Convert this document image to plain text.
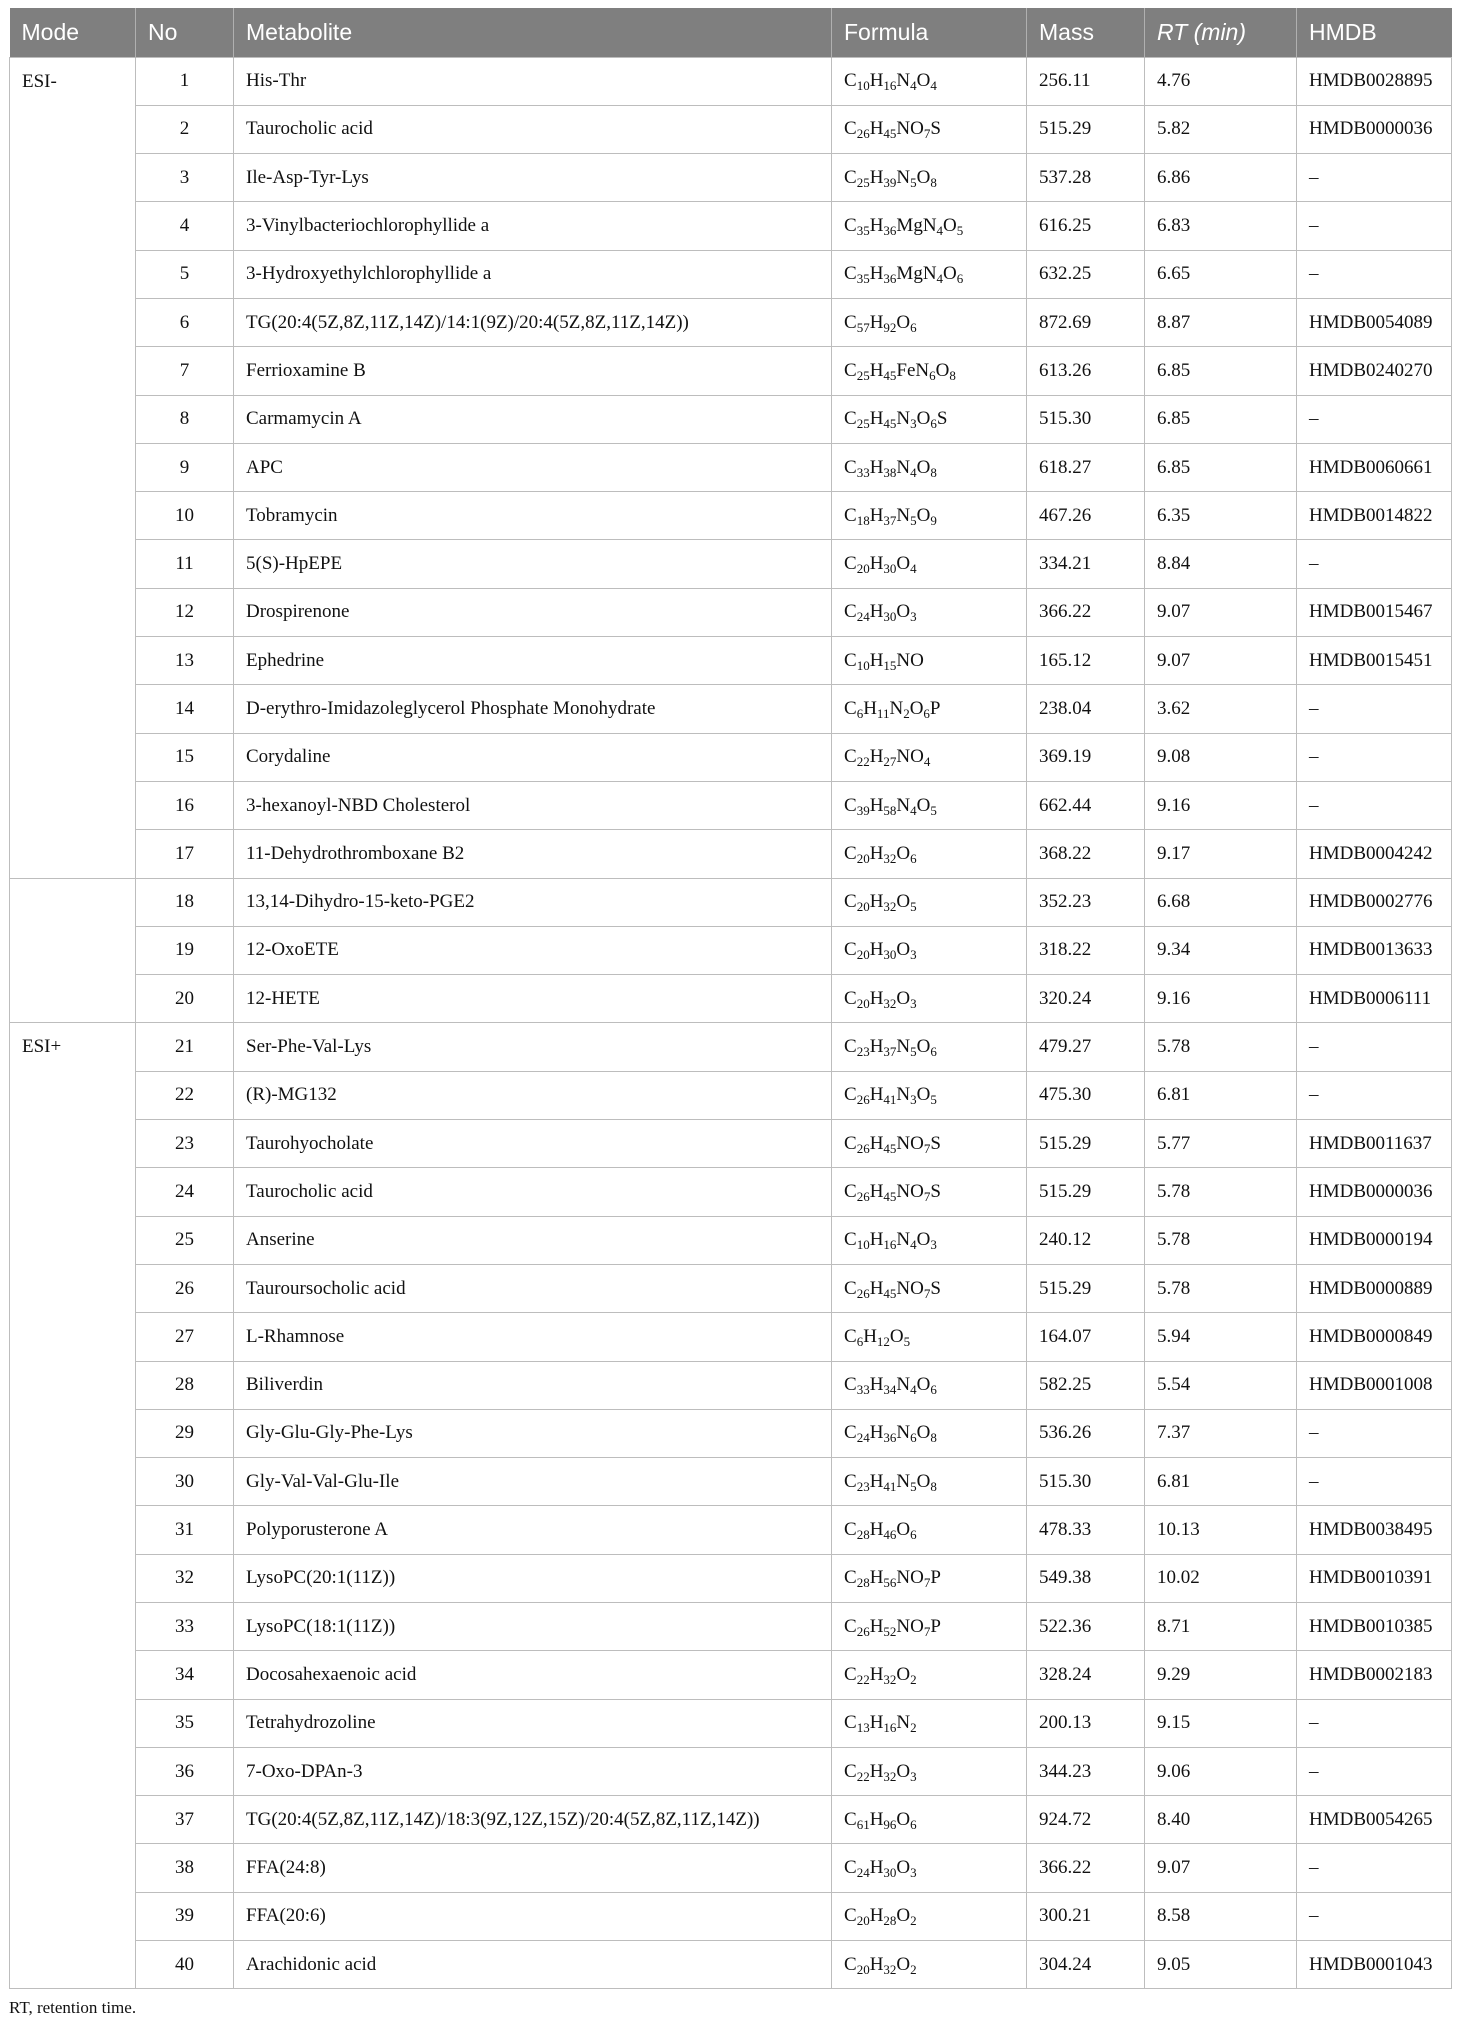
Mode	No	Metabolite	Formula	Mass	RT (min)	HMDB
ESI-	1	His-Thr	$C_{10}H_{16}N_4O_4$	256.11	4.76	HMDB0028895
	2	Taurocholic acid	$C_{26}H_{45}NO_7S$	515.29	5.82	HMDB0000036
	3	Ile-Asp-Tyr-Lys	$C_{25}H_{39}N_5O_8$	537.28	6.86	–
	4	3-Vinylbacteriochlorophyllide a	$C_{35}H_{36}MgN_4O_5$	616.25	6.83	–
	5	3-Hydroxyethylchlorophyllide a	$C_{35}H_{36}MgN_4O_6$	632.25	6.65	–
	6	TG(20:4(5Z,8Z,11Z,14Z)/14:1(9Z)/20:4(5Z,8Z,11Z,14Z))	$C_{57}H_{92}O_6$	872.69	8.87	HMDB0054089
	7	Ferrioxamine B	$C_{25}H_{45}FeN_6O_8$	613.26	6.85	HMDB0240270
	8	Carmamycin A	$C_{25}H_{45}N_3O_6S$	515.30	6.85	–
	9	APC	$C_{33}H_{38}N_4O_8$	618.27	6.85	HMDB0060661
	10	Tobramycin	$C_{18}H_{37}N_5O_9$	467.26	6.35	HMDB0014822
	11	5(S)-HpEPE	$C_{20}H_{30}O_4$	334.21	8.84	–
	12	Drospirenone	$C_{24}H_{30}O_3$	366.22	9.07	HMDB0015467
	13	Ephedrine	$C_{10}H_{15}NO$	165.12	9.07	HMDB0015451
	14	D-erythro-Imidazoleglycerol Phosphate Monohydrate	$C_6H_{11}N_2O_6P$	238.04	3.62	–
	15	Corydaline	$C_{22}H_{27}NO_4$	369.19	9.08	–
	16	3-hexanoyl-NBD Cholesterol	$C_{39}H_{58}N_4O_5$	662.44	9.16	–
	17	11-Dehydrothromboxane B2	$C_{20}H_{32}O_6$	368.22	9.17	HMDB0004242
	18	13,14-Dihydro-15-keto-PGE2	$C_{20}H_{32}O_5$	352.23	6.68	HMDB0002776
	19	12-OxoETE	$C_{20}H_{30}O_3$	318.22	9.34	HMDB0013633
	20	12-HETE	$C_{20}H_{32}O_3$	320.24	9.16	HMDB0006111
ESI+	21	Ser-Phe-Val-Lys	$C_{23}H_{37}N_5O_6$	479.27	5.78	–
	22	(R)-MG132	$C_{26}H_{41}N_3O_5$	475.30	6.81	–
	23	Taurohyocholate	$C_{26}H_{45}NO_7S$	515.29	5.77	HMDB0011637
	24	Taurocholic acid	$C_{26}H_{45}NO_7S$	515.29	5.78	HMDB0000036
	25	Anserine	$C_{10}H_{16}N_4O_3$	240.12	5.78	HMDB0000194
	26	Tauroursocholic acid	$C_{26}H_{45}NO_7S$	515.29	5.78	HMDB0000889
	27	L-Rhamnose	$C_6H_{12}O_5$	164.07	5.94	HMDB0000849
	28	Biliverdin	$C_{33}H_{34}N_4O_6$	582.25	5.54	HMDB0001008
	29	Gly-Glu-Gly-Phe-Lys	$C_{24}H_{36}N_6O_8$	536.26	7.37	–
	30	Gly-Val-Val-Glu-Ile	$C_{23}H_{41}N_5O_8$	515.30	6.81	–
	31	Polyporusterone A	$C_{28}H_{46}O_6$	478.33	10.13	HMDB0038495
	32	LysoPC(20:1(11Z))	$C_{28}H_{56}NO_7P$	549.38	10.02	HMDB0010391
	33	LysoPC(18:1(11Z))	$C_{26}H_{52}NO_7P$	522.36	8.71	HMDB0010385
	34	Docosahexaenoic acid	$C_{22}H_{32}O_2$	328.24	9.29	HMDB0002183
	35	Tetrahydrozoline	$C_{13}H_{16}N_2$	200.13	9.15	–
	36	7-Oxo-DPAn-3	$C_{22}H_{32}O_3$	344.23	9.06	–
	37	TG(20:4(5Z,8Z,11Z,14Z)/18:3(9Z,12Z,15Z)/20:4(5Z,8Z,11Z,14Z))	$C_{61}H_{96}O_6$	924.72	8.40	HMDB0054265
	38	FFA(24:8)	$C_{24}H_{30}O_3$	366.22	9.07	–
	39	FFA(20:6)	$C_{20}H_{28}O_2$	300.21	8.58	–
	40	Arachidonic acid	$C_{20}H_{32}O_2$	304.24	9.05	HMDB0001043
RT, retention time.
